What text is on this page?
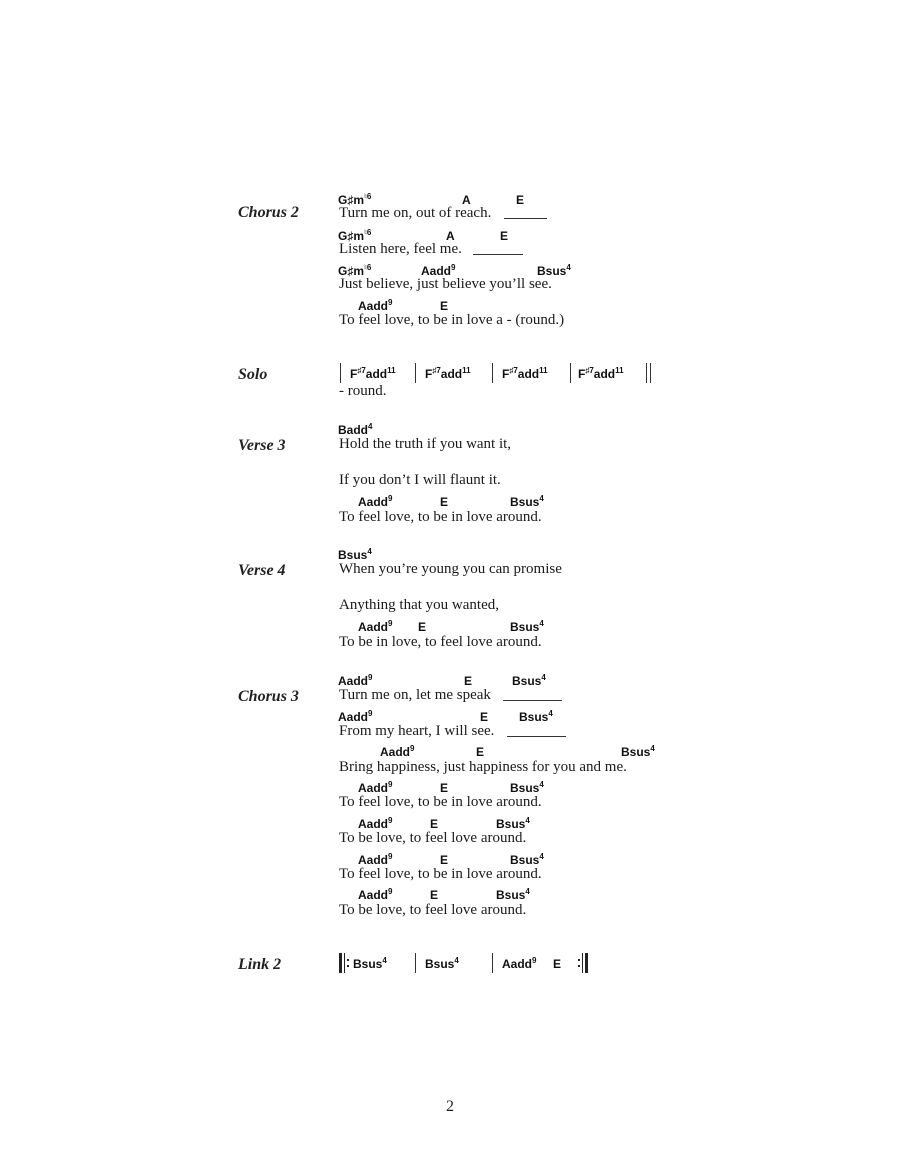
Chorus 2
$G♯m^{♮6}$	A	E
Turn me on, out of reach.
$G♯m^{♮6}$	A	E
Listen here, feel me.
$G♯m^{♮6}$	Aadd$^9$	Bsus$^4$
Just believe, just believe you’ll see.
Aadd$^9$	E
To feel love, to be in love a - (round.)
Solo	$F^{♯7}add^{11}$ $F^{♯7}add^{11}$	$F^{♯7}add^{11}$	$F^{♯7}add^{11}$
- round.
Badd$^4$
Verse 3	Hold the truth if you want it,
If you don’t I will flaunt it.
Aadd$^9$	E	Bsus$^4$
To feel love, to be in love around.
Bsus$^4$
Verse 4	When you’re young you can promise
Anything that you wanted,
Aadd$^9$ E	Bsus$^4$
To be in love, to feel love around.
Aadd$^9$	E	Bsus$^4$
Chorus 3	Turn me on, let me speak
Aadd$^9$	E	Bsus$^4$
From my heart, I will see.
Aadd$^9$	E	Bsus$^4$
Bring happiness, just happiness for you and me.
Aadd$^9$	E	Bsus$^4$
To feel love, to be in love around.
Aadd$^9$	E	Bsus$^4$
To be love, to feel love around.
Aadd$^9$	E	Bsus$^4$
To feel love, to be in love around.
Aadd$^9$	E	Bsus$^4$
To be love, to feel love around.
Link 2	Bsus$^4$	Bsus$^4$	Aadd$^9$ E
2
